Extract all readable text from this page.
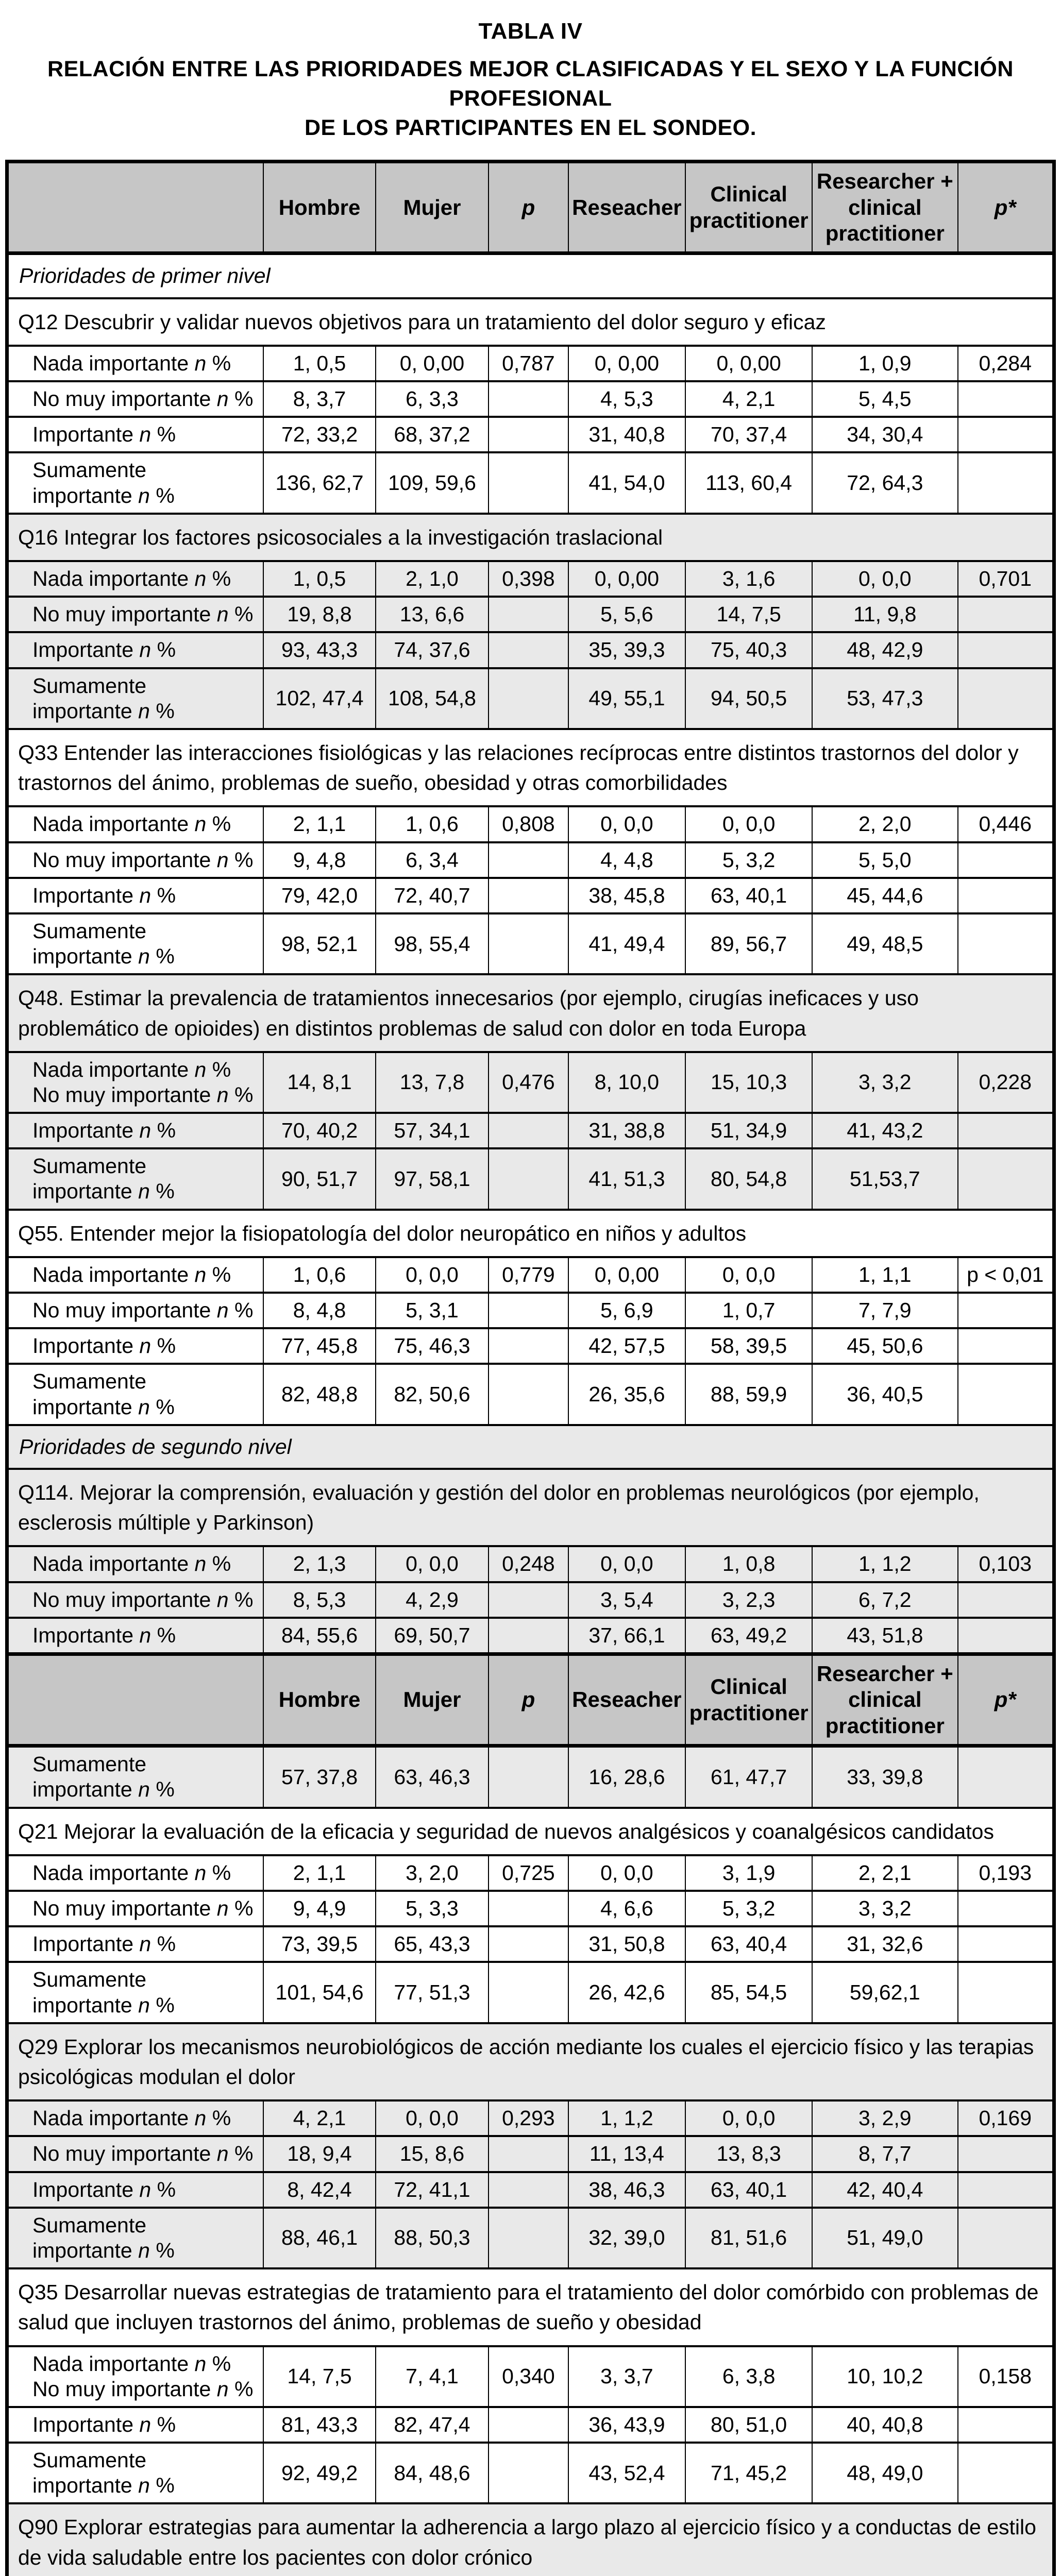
TABLA IV
RELACIÓN ENTRE LAS PRIORIDADES MEJOR CLASIFICADAS Y EL SEXO Y LA FUNCIÓN PROFESIONAL
DE LOS PARTICIPANTES EN EL SONDEO.
	Hombre	Mujer	p	Reseacher	Clinical practitioner	Researcher + clinical practitioner	p*
Prioridades de primer nivel							
Q12 Descubrir y validar nuevos objetivos para un tratamiento del dolor seguro y eficaz							
Nada importante n %	1, 0,5	0, 0,00	0,787	0, 0,00	0, 0,00	1, 0,9	0,284
No muy importante n %	8, 3,7	6, 3,3		4, 5,3	4, 2,1	5, 4,5	
Importante n %	72, 33,2	68, 37,2		31, 40,8	70, 37,4	34, 30,4	
Sumamente
importante n %	136, 62,7	109, 59,6		41, 54,0	113, 60,4	72, 64,3	
Q16 Integrar los factores psicosociales a la investigación traslacional							
Nada importante n %	1, 0,5	2, 1,0	0,398	0, 0,00	3, 1,6	0, 0,0	0,701
No muy importante n %	19, 8,8	13, 6,6		5, 5,6	14, 7,5	11, 9,8	
Importante n %	93, 43,3	74, 37,6		35, 39,3	75, 40,3	48, 42,9	
Sumamente
importante n %	102, 47,4	108, 54,8		49, 55,1	94, 50,5	53, 47,3	
Q33 Entender las interacciones fisiológicas y las relaciones recíprocas entre distintos trastornos del dolor y trastornos del ánimo, problemas de sueño, obesidad y otras comorbilidades							
Nada importante n %	2, 1,1	1, 0,6	0,808	0, 0,0	0, 0,0	2, 2,0	0,446
No muy importante n %	9, 4,8	6, 3,4		4, 4,8	5, 3,2	5, 5,0	
Importante n %	79, 42,0	72, 40,7		38, 45,8	63, 40,1	45, 44,6	
Sumamente
importante n %	98, 52,1	98, 55,4		41, 49,4	89, 56,7	49, 48,5	
Q48. Estimar la prevalencia de tratamientos innecesarios (por ejemplo, cirugías ineficaces y uso problemático de opioides) en distintos problemas de salud con dolor en toda Europa							
Nada importante n %
No muy importante n %	14, 8,1	13, 7,8	0,476	8, 10,0	15, 10,3	3, 3,2	0,228
Importante n %	70, 40,2	57, 34,1		31, 38,8	51, 34,9	41, 43,2	
Sumamente
importante n %	90, 51,7	97, 58,1		41, 51,3	80, 54,8	51,53,7	
Q55. Entender mejor la fisiopatología del dolor neuropático en niños y adultos							
Nada importante n %	1, 0,6	0, 0,0	0,779	0, 0,00	0, 0,0	1, 1,1	p < 0,01
No muy importante n %	8, 4,8	5, 3,1		5, 6,9	1, 0,7	7, 7,9	
Importante n %	77, 45,8	75, 46,3		42, 57,5	58, 39,5	45, 50,6	
Sumamente
importante n %	82, 48,8	82, 50,6		26, 35,6	88, 59,9	36, 40,5	
Prioridades de segundo nivel							
Q114. Mejorar la comprensión, evaluación y gestión del dolor en problemas neurológicos (por ejemplo, esclerosis múltiple y Parkinson)							
Nada importante n %	2, 1,3	0, 0,0	0,248	0, 0,0	1, 0,8	1, 1,2	0,103
No muy importante n %	8, 5,3	4, 2,9		3, 5,4	3, 2,3	6, 7,2	
Importante n %	84, 55,6	69, 50,7		37, 66,1	63, 49,2	43, 51,8	
	Hombre	Mujer	p	Reseacher	Clinical practitioner	Researcher + clinical practitioner	p*
Sumamente
importante n %	57, 37,8	63, 46,3		16, 28,6	61, 47,7	33, 39,8	
Q21 Mejorar la evaluación de la eficacia y seguridad de nuevos analgésicos y coanalgésicos candidatos							
Nada importante n %	2, 1,1	3, 2,0	0,725	0, 0,0	3, 1,9	2, 2,1	0,193
No muy importante n %	9, 4,9	5, 3,3		4, 6,6	5, 3,2	3, 3,2	
Importante n %	73, 39,5	65, 43,3		31, 50,8	63, 40,4	31, 32,6	
Sumamente
importante n %	101, 54,6	77, 51,3		26, 42,6	85, 54,5	59,62,1	
Q29 Explorar los mecanismos neurobiológicos de acción mediante los cuales el ejercicio físico y las terapias psicológicas modulan el dolor							
Nada importante n %	4, 2,1	0, 0,0	0,293	1, 1,2	0, 0,0	3, 2,9	0,169
No muy importante n %	18, 9,4	15, 8,6		11, 13,4	13, 8,3	8, 7,7	
Importante n %	8, 42,4	72, 41,1		38, 46,3	63, 40,1	42, 40,4	
Sumamente
importante n %	88, 46,1	88, 50,3		32, 39,0	81, 51,6	51, 49,0	
Q35 Desarrollar nuevas estrategias de tratamiento para el tratamiento del dolor comórbido con problemas de salud que incluyen trastornos del ánimo, problemas de sueño y obesidad							
Nada importante n %
No muy importante n %	14, 7,5	7, 4,1	0,340	3, 3,7	6, 3,8	10, 10,2	0,158
Importante n %	81, 43,3	82, 47,4		36, 43,9	80, 51,0	40, 40,8	
Sumamente
importante n %	92, 49,2	84, 48,6		43, 52,4	71, 45,2	48, 49,0	
Q90 Explorar estrategias para aumentar la adherencia a largo plazo al ejercicio físico y a conductas de estilo de vida saludable entre los pacientes con dolor crónico							
